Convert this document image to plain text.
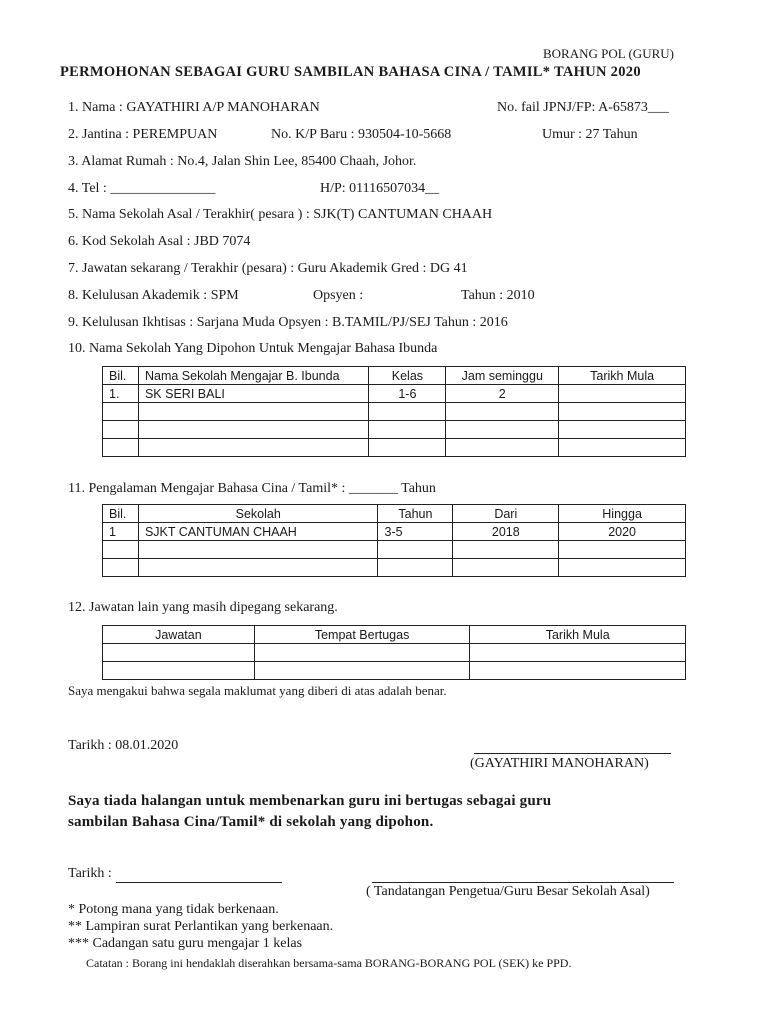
BORANG POL (GURU)
PERMOHONAN SEBAGAI GURU SAMBILAN BAHASA CINA / TAMIL* TAHUN 2020
1. Nama : GAYATHIRI A/P MANOHARAN	No. fail JPNJ/FP: A-65873___
2. Jantina : PEREMPUAN	No. K/P Baru : 930504-10-5668	Umur : 27 Tahun
3. Alamat Rumah : No.4, Jalan Shin Lee, 85400 Chaah, Johor.
4. Tel : _______________	H/P: 01116507034__
5. Nama Sekolah Asal / Terakhir( pesara ) : SJK(T) CANTUMAN CHAAH
6. Kod Sekolah Asal : JBD 7074
7. Jawatan sekarang / Terakhir (pesara) : Guru Akademik Gred : DG 41
8. Kelulusan Akademik : SPM	Opsyen :	Tahun : 2010
9. Kelulusan Ikhtisas : Sarjana Muda Opsyen : B.TAMIL/PJ/SEJ Tahun : 2016
10. Nama Sekolah Yang Dipohon Untuk Mengajar Bahasa Ibunda
Bil.	Nama Sekolah Mengajar B. Ibunda	Kelas	Jam seminggu	Tarikh Mula
1.	SK SERI BALI	1-6	2	

11. Pengalaman Mengajar Bahasa Cina / Tamil* : _______ Tahun
Bil.	Sekolah	Tahun	Dari	Hingga
1	SJKT CANTUMAN CHAAH	3-5	2018	2020

12. Jawatan lain yang masih dipegang sekarang.
Jawatan	Tempat Bertugas	Tarikh Mula

Saya mengakui bahwa segala maklumat yang diberi di atas adalah benar.
Tarikh : 08.01.2020
(GAYATHIRI MANOHARAN)
Saya tiada halangan untuk membenarkan guru ini bertugas sebagai guru
sambilan Bahasa Cina/Tamil* di sekolah yang dipohon.
Tarikh :
( Tandatangan Pengetua/Guru Besar Sekolah Asal)
* Potong mana yang tidak berkenaan.
** Lampiran surat Perlantikan yang berkenaan.
*** Cadangan satu guru mengajar 1 kelas
Catatan : Borang ini hendaklah diserahkan bersama-sama BORANG-BORANG POL (SEK) ke PPD.
